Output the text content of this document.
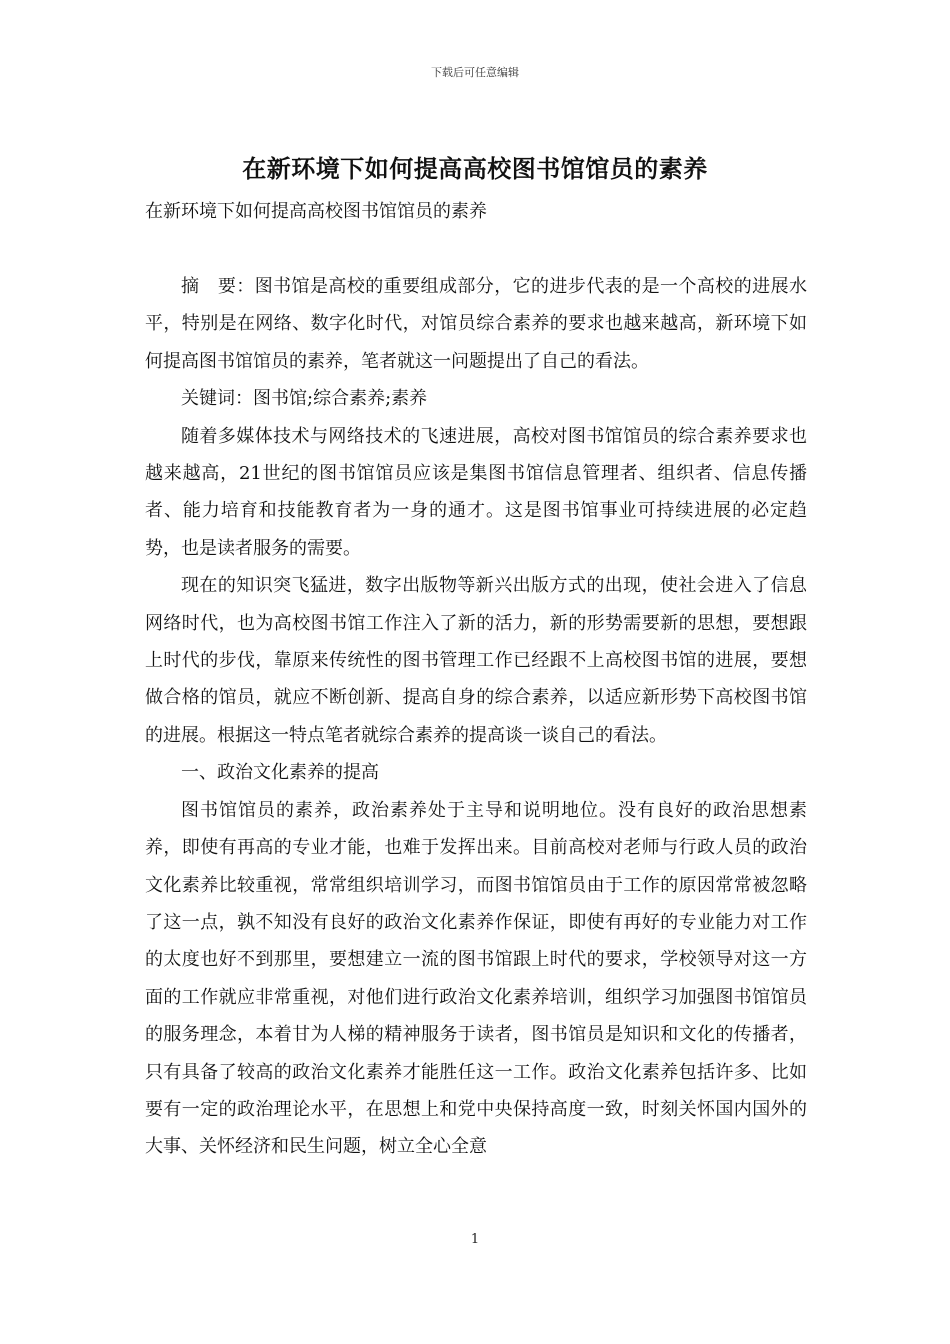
下载后可任意编辑
在新环境下如何提高高校图书馆馆员的素养
在新环境下如何提高高校图书馆馆员的素养

摘　要：图书馆是高校的重要组成部分，它的进步代表的是一个高校的进展水平，特别是在网络、数字化时代，对馆员综合素养的要求也越来越高，新环境下如何提高图书馆馆员的素养，笔者就这一问题提出了自己的看法。

关键词：图书馆;综合素养;素养

随着多媒体技术与网络技术的飞速进展，高校对图书馆馆员的综合素养要求也越来越高，21世纪的图书馆馆员应该是集图书馆信息管理者、组织者、信息传播者、能力培育和技能教育者为一身的通才。这是图书馆事业可持续进展的必定趋势，也是读者服务的需要。

现在的知识突飞猛进，数字出版物等新兴出版方式的出现，使社会进入了信息网络时代，也为高校图书馆工作注入了新的活力，新的形势需要新的思想，要想跟上时代的步伐，靠原来传统性的图书管理工作已经跟不上高校图书馆的进展，要想做合格的馆员，就应不断创新、提高自身的综合素养，以适应新形势下高校图书馆的进展。根据这一特点笔者就综合素养的提高谈一谈自己的看法。

一、政治文化素养的提高

图书馆馆员的素养，政治素养处于主导和说明地位。没有良好的政治思想素养，即使有再高的专业才能，也难于发挥出来。目前高校对老师与行政人员的政治文化素养比较重视，常常组织培训学习，而图书馆馆员由于工作的原因常常被忽略了这一点，孰不知没有良好的政治文化素养作保证，即使有再好的专业能力对工作的太度也好不到那里，要想建立一流的图书馆跟上时代的要求，学校领导对这一方面的工作就应非常重视，对他们进行政治文化素养培训，组织学习加强图书馆馆员的服务理念，本着甘为人梯的精神服务于读者，图书馆员是知识和文化的传播者，只有具备了较高的政治文化素养才能胜任这一工作。政治文化素养包括许多、比如要有一定的政治理论水平，在思想上和党中央保持高度一致，时刻关怀国内国外的大事、关怀经济和民生问题，树立全心全意

1
